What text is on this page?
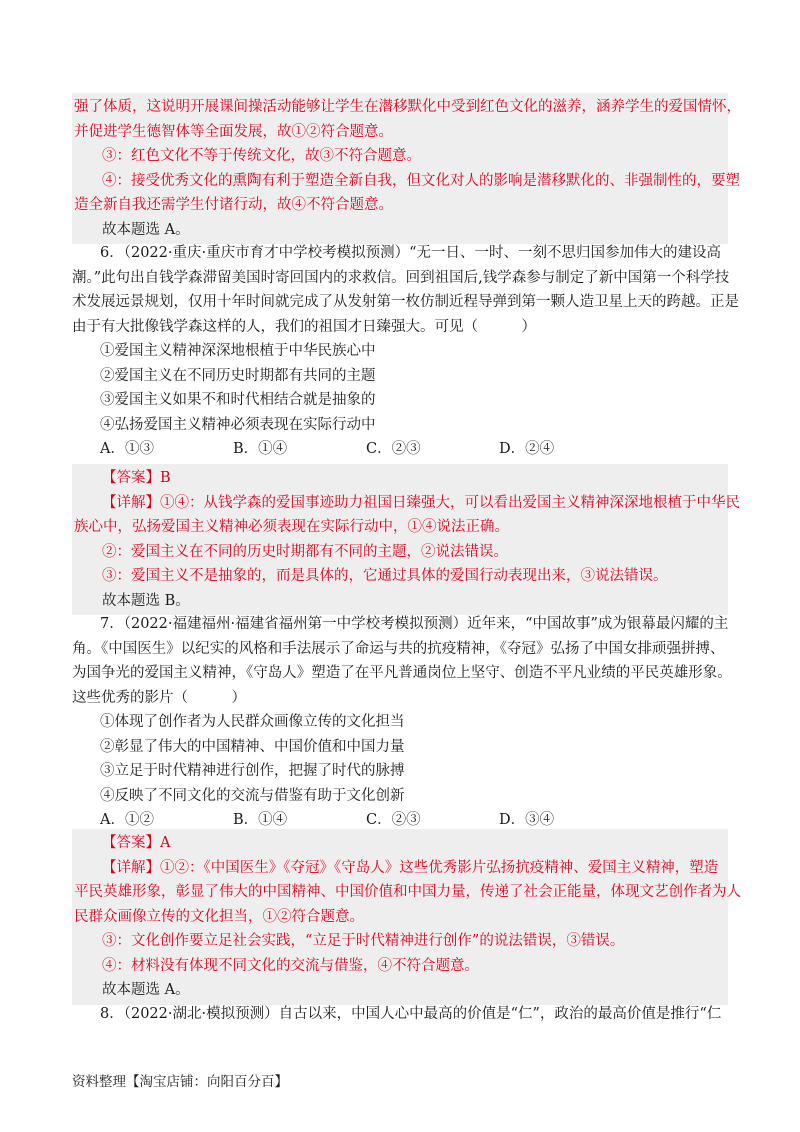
强了体质，这说明开展课间操活动能够让学生在潜移默化中受到红色文化的滋养，涵养学生的爱国情怀，

并促进学生德智体等全面发展，故①②符合题意。

③：红色文化不等于传统文化，故③不符合题意。

④：接受优秀文化的熏陶有利于塑造全新自我，但文化对人的影响是潜移默化的、非强制性的，要塑

造全新自我还需学生付诸行动，故④不符合题意。

故本题选 A。

6．（2022·重庆·重庆市育才中学校考模拟预测）“无一日、一时、一刻不思归国参加伟大的建设高

潮。”此句出自钱学森滞留美国时寄回国内的求救信。回到祖国后,钱学森参与制定了新中国第一个科学技

术发展远景规划，仅用十年时间就完成了从发射第一枚仿制近程导弹到第一颗人造卫星上天的跨越。正是

由于有大批像钱学森这样的人，我们的祖国才日臻强大。可见（　　　）

①爱国主义精神深深地根植于中华民族心中

②爱国主义在不同历史时期都有共同的主题

③爱国主义如果不和时代相结合就是抽象的

④弘扬爱国主义精神必须表现在实际行动中

A．①③	B．①④	C．②③	D．②④

【答案】B

【详解】①④：从钱学森的爱国事迹助力祖国日臻强大，可以看出爱国主义精神深深地根植于中华民

族心中，弘扬爱国主义精神必须表现在实际行动中，①④说法正确。

②：爱国主义在不同的历史时期都有不同的主题，②说法错误。

③：爱国主义不是抽象的，而是具体的，它通过具体的爱国行动表现出来，③说法错误。

故本题选 B。

7．（2022·福建福州·福建省福州第一中学校考模拟预测）近年来，“中国故事”成为银幕最闪耀的主

角。《中国医生》以纪实的风格和手法展示了命运与共的抗疫精神，《夺冠》弘扬了中国女排顽强拼搏、

为国争光的爱国主义精神，《守岛人》塑造了在平凡普通岗位上坚守、创造不平凡业绩的平民英雄形象。

这些优秀的影片（　　　）

①体现了创作者为人民群众画像立传的文化担当

②彰显了伟大的中国精神、中国价值和中国力量

③立足于时代精神进行创作，把握了时代的脉搏

④反映了不同文化的交流与借鉴有助于文化创新

A．①②	B．①④	C．②③	D．③④

【答案】A

【详解】①②：《中国医生》《夺冠》《守岛人》这些优秀影片弘扬抗疫精神、爱国主义精神，塑造

平民英雄形象，彰显了伟大的中国精神、中国价值和中国力量，传递了社会正能量，体现文艺创作者为人

民群众画像立传的文化担当，①②符合题意。

③：文化创作要立足社会实践，“立足于时代精神进行创作”的说法错误，③错误。

④：材料没有体现不同文化的交流与借鉴，④不符合题意。

故本题选 A。

8．（2022·湖北·模拟预测）自古以来，中国人心中最高的价值是“仁”，政治的最高价值是推行“仁

资料整理【淘宝店铺：向阳百分百】
